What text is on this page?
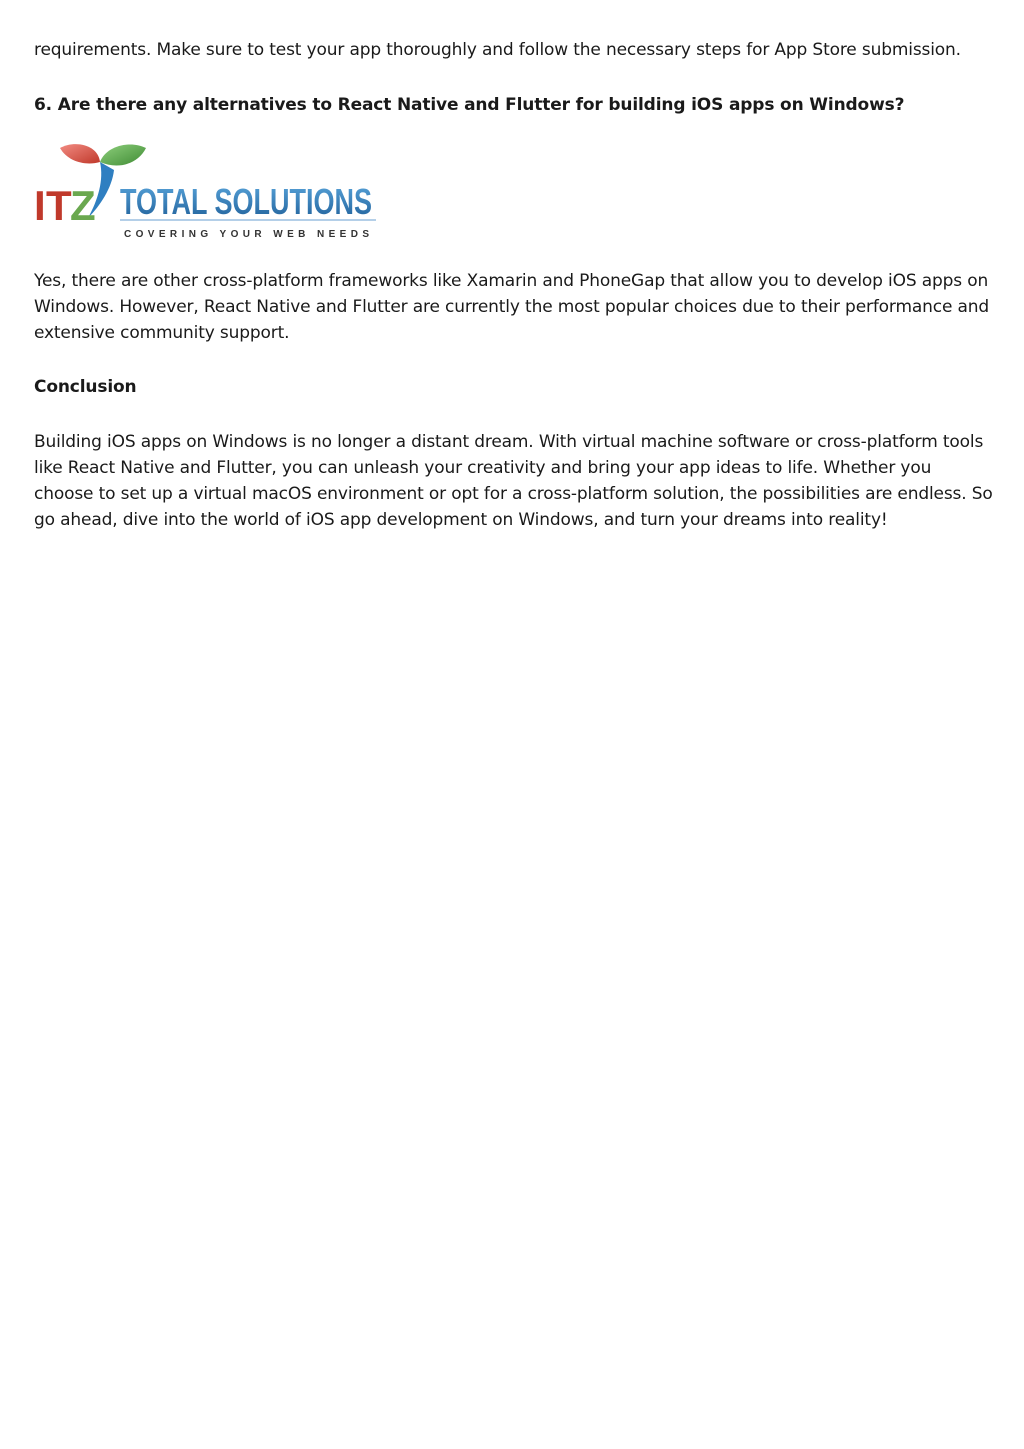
requirements. Make sure to test your app thoroughly and follow the necessary steps for App Store submission.

6. Are there any alternatives to React Native and Flutter for building iOS apps on Windows?

I T
Z TOTAL SOLUTIONS
COVERING YOUR WEB NEEDS

Yes, there are other cross-platform frameworks like Xamarin and PhoneGap that allow you to develop iOS apps on Windows. However, React Native and Flutter are currently the most popular choices due to their performance and extensive community support.

Conclusion

Building iOS apps on Windows is no longer a distant dream. With virtual machine software or cross-platform tools like React Native and Flutter, you can unleash your creativity and bring your app ideas to life. Whether you choose to set up a virtual macOS environment or opt for a cross-platform solution, the possibilities are endless. So go ahead, dive into the world of iOS app development on Windows, and turn your dreams into reality!
